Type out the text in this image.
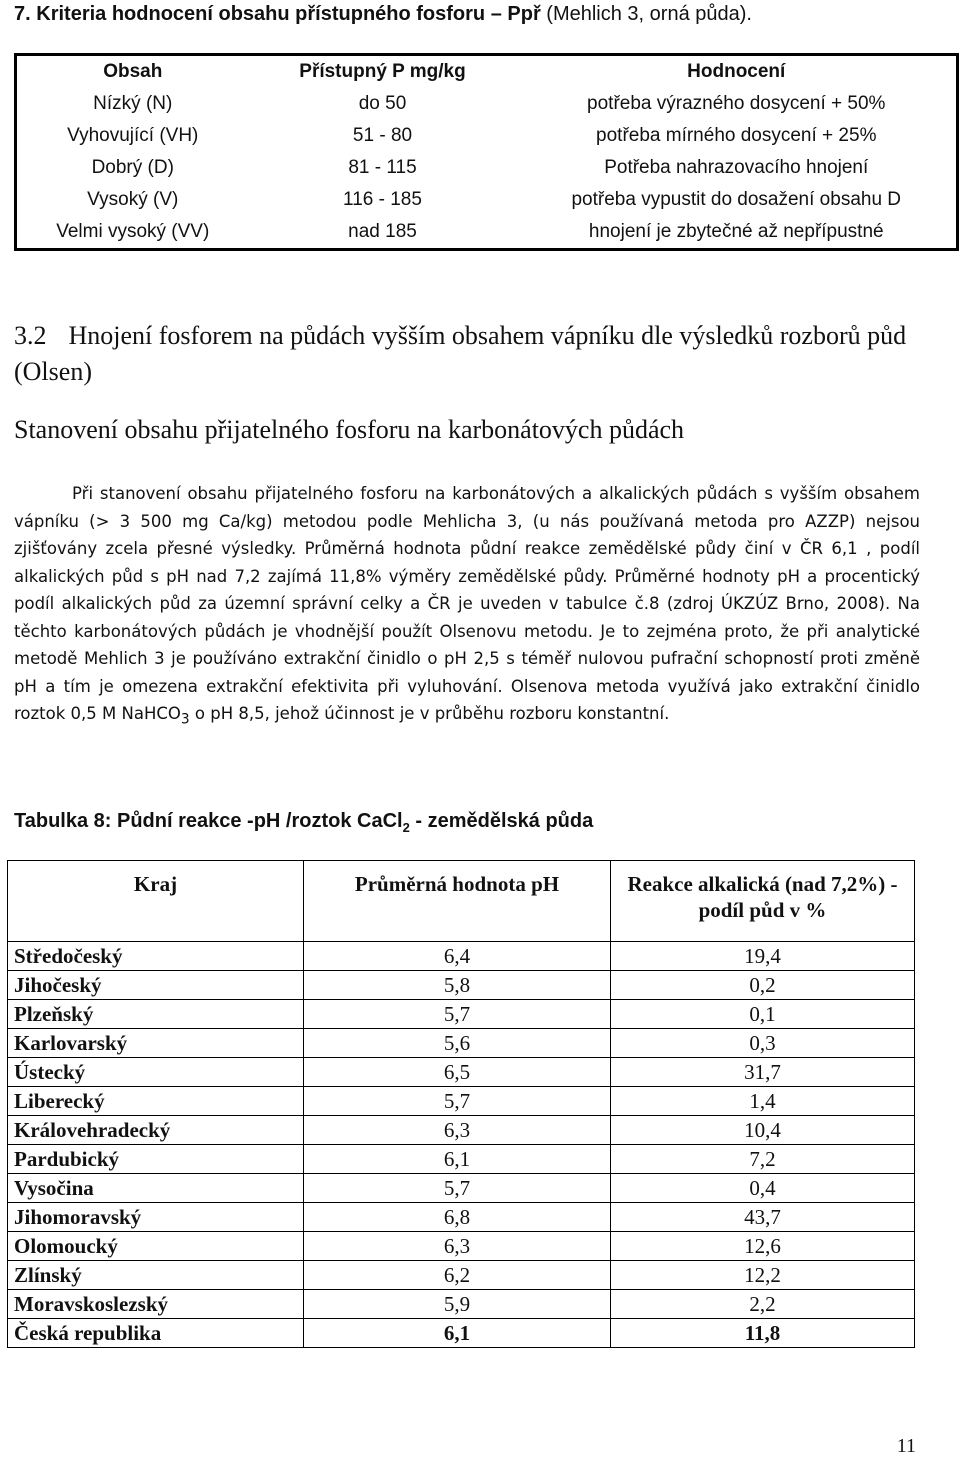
7. Kriteria hodnocení obsahu přístupného fosforu – Ppř (Mehlich 3, orná půda).
Obsah	Přístupný P mg/kg	Hodnocení
Nízký (N)	do 50	potřeba výrazného dosycení + 50%
Vyhovující (VH)	51 - 80	potřeba mírného dosycení + 25%
Dobrý (D)	81 - 115	Potřeba nahrazovacího hnojení
Vysoký (V)	116 - 185	potřeba vypustit do dosažení obsahu D
Velmi vysoký (VV)	nad 185	hnojení je zbytečné až nepřípustné
3.2 Hnojení fosforem na půdách vyšším obsahem vápníku dle výsledků rozborů půd (Olsen)
Stanovení obsahu přijatelného fosforu na karbonátových půdách
Při stanovení obsahu přijatelného fosforu na karbonátových a alkalických půdách s vyšším obsahem vápníku (> 3 500 mg Ca/kg) metodou podle Mehlicha 3, (u nás používaná metoda pro AZZP) nejsou zjišťovány zcela přesné výsledky. Průměrná hodnota půdní reakce zemědělské půdy činí v ČR 6,1 , podíl alkalických půd s pH nad 7,2 zajímá 11,8% výměry zemědělské půdy. Průměrné hodnoty pH a procentický podíl alkalických půd za územní správní celky a ČR je uveden v tabulce č.8 (zdroj ÚKZÚZ Brno, 2008). Na těchto karbonátových půdách je vhodnější použít Olsenovu metodu. Je to zejména proto, že při analytické metodě Mehlich 3 je používáno extrakční činidlo o pH 2,5 s téměř nulovou pufrační schopností proti změně pH a tím je omezena extrakční efektivita při vyluhování. Olsenova metoda využívá jako extrakční činidlo roztok 0,5 M NaHCO$_3$ o pH 8,5, jehož účinnost je v průběhu rozboru konstantní.
Tabulka 8: Půdní reakce -pH /roztok CaCl$_2$ - zemědělská půda
Kraj	Průměrná hodnota pH	Reakce alkalická (nad 7,2%) - podíl půd v %
Středočeský	6,4	19,4
Jihočeský	5,8	0,2
Plzeňský	5,7	0,1
Karlovarský	5,6	0,3
Ústecký	6,5	31,7
Liberecký	5,7	1,4
Královehradecký	6,3	10,4
Pardubický	6,1	7,2
Vysočina	5,7	0,4
Jihomoravský	6,8	43,7
Olomoucký	6,3	12,6
Zlínský	6,2	12,2
Moravskoslezský	5,9	2,2
Česká republika	6,1	11,8
11
